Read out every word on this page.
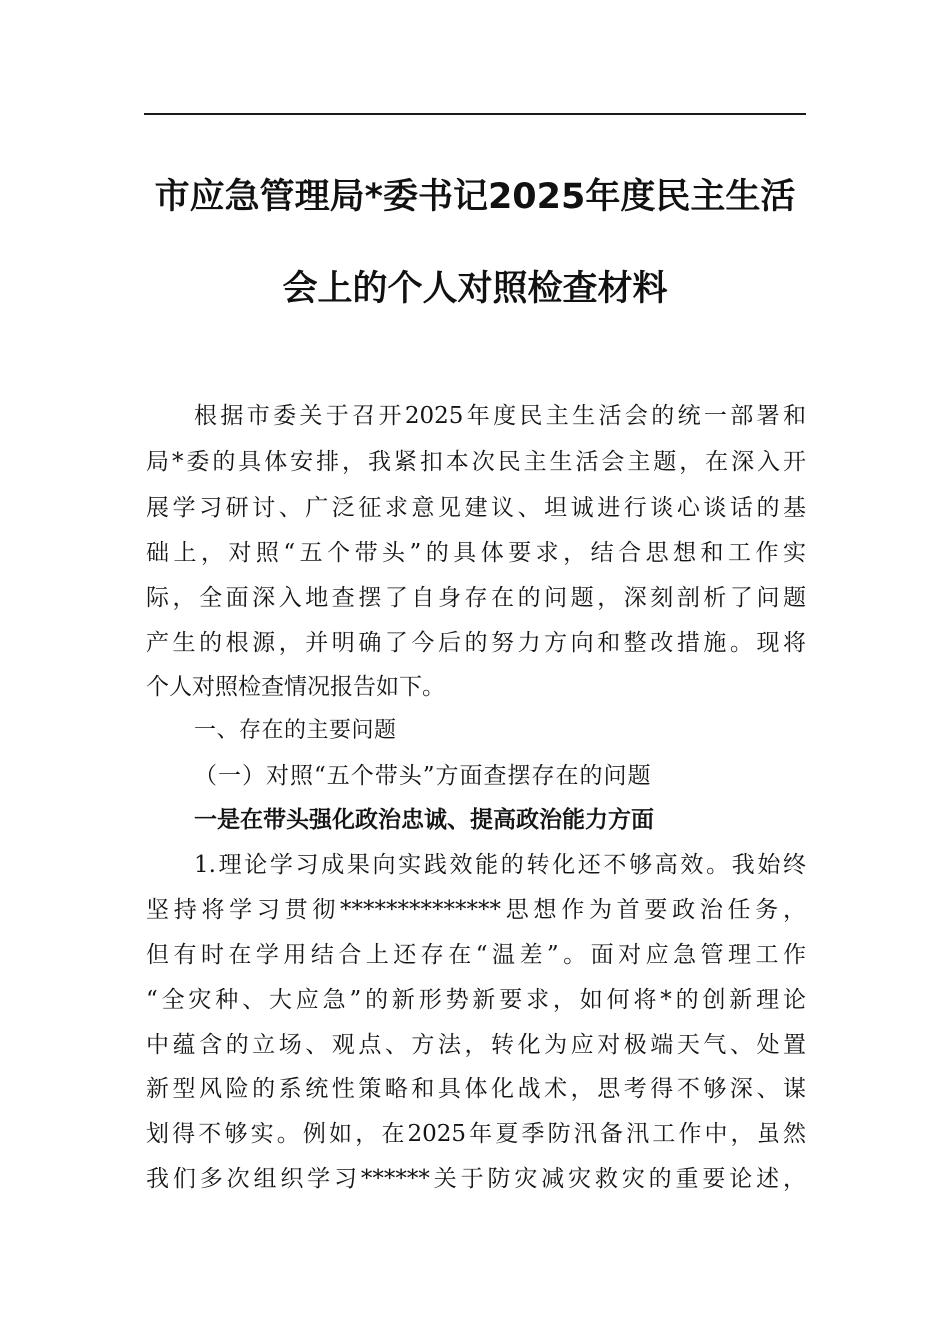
市应急管理局*委书记2025年度民主生活
会上的个人对照检查材料
根据市委关于召开2025年度民主生活会的统一部署和
局*委的具体安排，我紧扣本次民主生活会主题，在深入开
展学习研讨、广泛征求意见建议、坦诚进行谈心谈话的基
础上，对照“五个带头”的具体要求，结合思想和工作实
际，全面深入地查摆了自身存在的问题，深刻剖析了问题
产生的根源，并明确了今后的努力方向和整改措施。现将
个人对照检查情况报告如下。
一、存在的主要问题
（一）对照“五个带头”方面查摆存在的问题
一是在带头强化政治忠诚、提高政治能力方面
1.理论学习成果向实践效能的转化还不够高效。我始终
坚持将学习贯彻**************思想作为首要政治任务，
但有时在学用结合上还存在“温差”。面对应急管理工作
“全灾种、大应急”的新形势新要求，如何将*的创新理论
中蕴含的立场、观点、方法，转化为应对极端天气、处置
新型风险的系统性策略和具体化战术，思考得不够深、谋
划得不够实。例如，在2025年夏季防汛备汛工作中，虽然
我们多次组织学习******关于防灾减灾救灾的重要论述，
